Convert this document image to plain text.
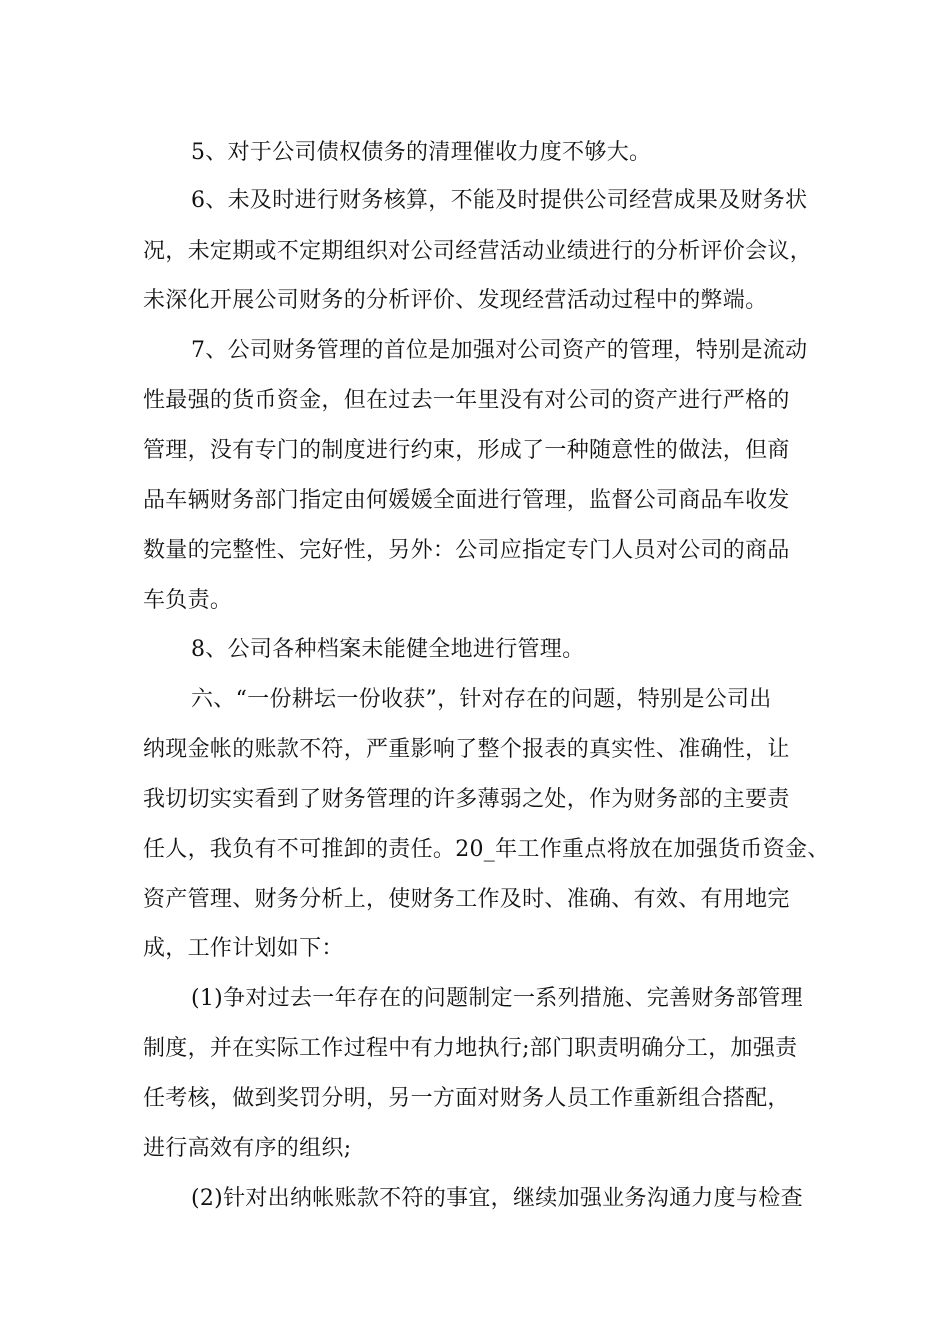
5、对于公司债权债务的清理催收力度不够大。
6、未及时进行财务核算，不能及时提供公司经营成果及财务状
况，未定期或不定期组织对公司经营活动业绩进行的分析评价会议，
未深化开展公司财务的分析评价、发现经营活动过程中的弊端。
7、公司财务管理的首位是加强对公司资产的管理，特别是流动
性最强的货币资金，但在过去一年里没有对公司的资产进行严格的
管理，没有专门的制度进行约束，形成了一种随意性的做法，但商
品车辆财务部门指定由何媛媛全面进行管理，监督公司商品车收发
数量的完整性、完好性，另外：公司应指定专门人员对公司的商品
车负责。
8、公司各种档案未能健全地进行管理。
六、“一份耕坛一份收获”，针对存在的问题，特别是公司出
纳现金帐的账款不符，严重影响了整个报表的真实性、准确性，让
我切切实实看到了财务管理的许多薄弱之处，作为财务部的主要责
任人，我负有不可推卸的责任。20_年工作重点将放在加强货币资金、
资产管理、财务分析上，使财务工作及时、准确、有效、有用地完
成，工作计划如下：
(1)争对过去一年存在的问题制定一系列措施、完善财务部管理
制度，并在实际工作过程中有力地执行;部门职责明确分工，加强责
任考核，做到奖罚分明，另一方面对财务人员工作重新组合搭配，
进行高效有序的组织;
(2)针对出纳帐账款不符的事宜，继续加强业务沟通力度与检查
